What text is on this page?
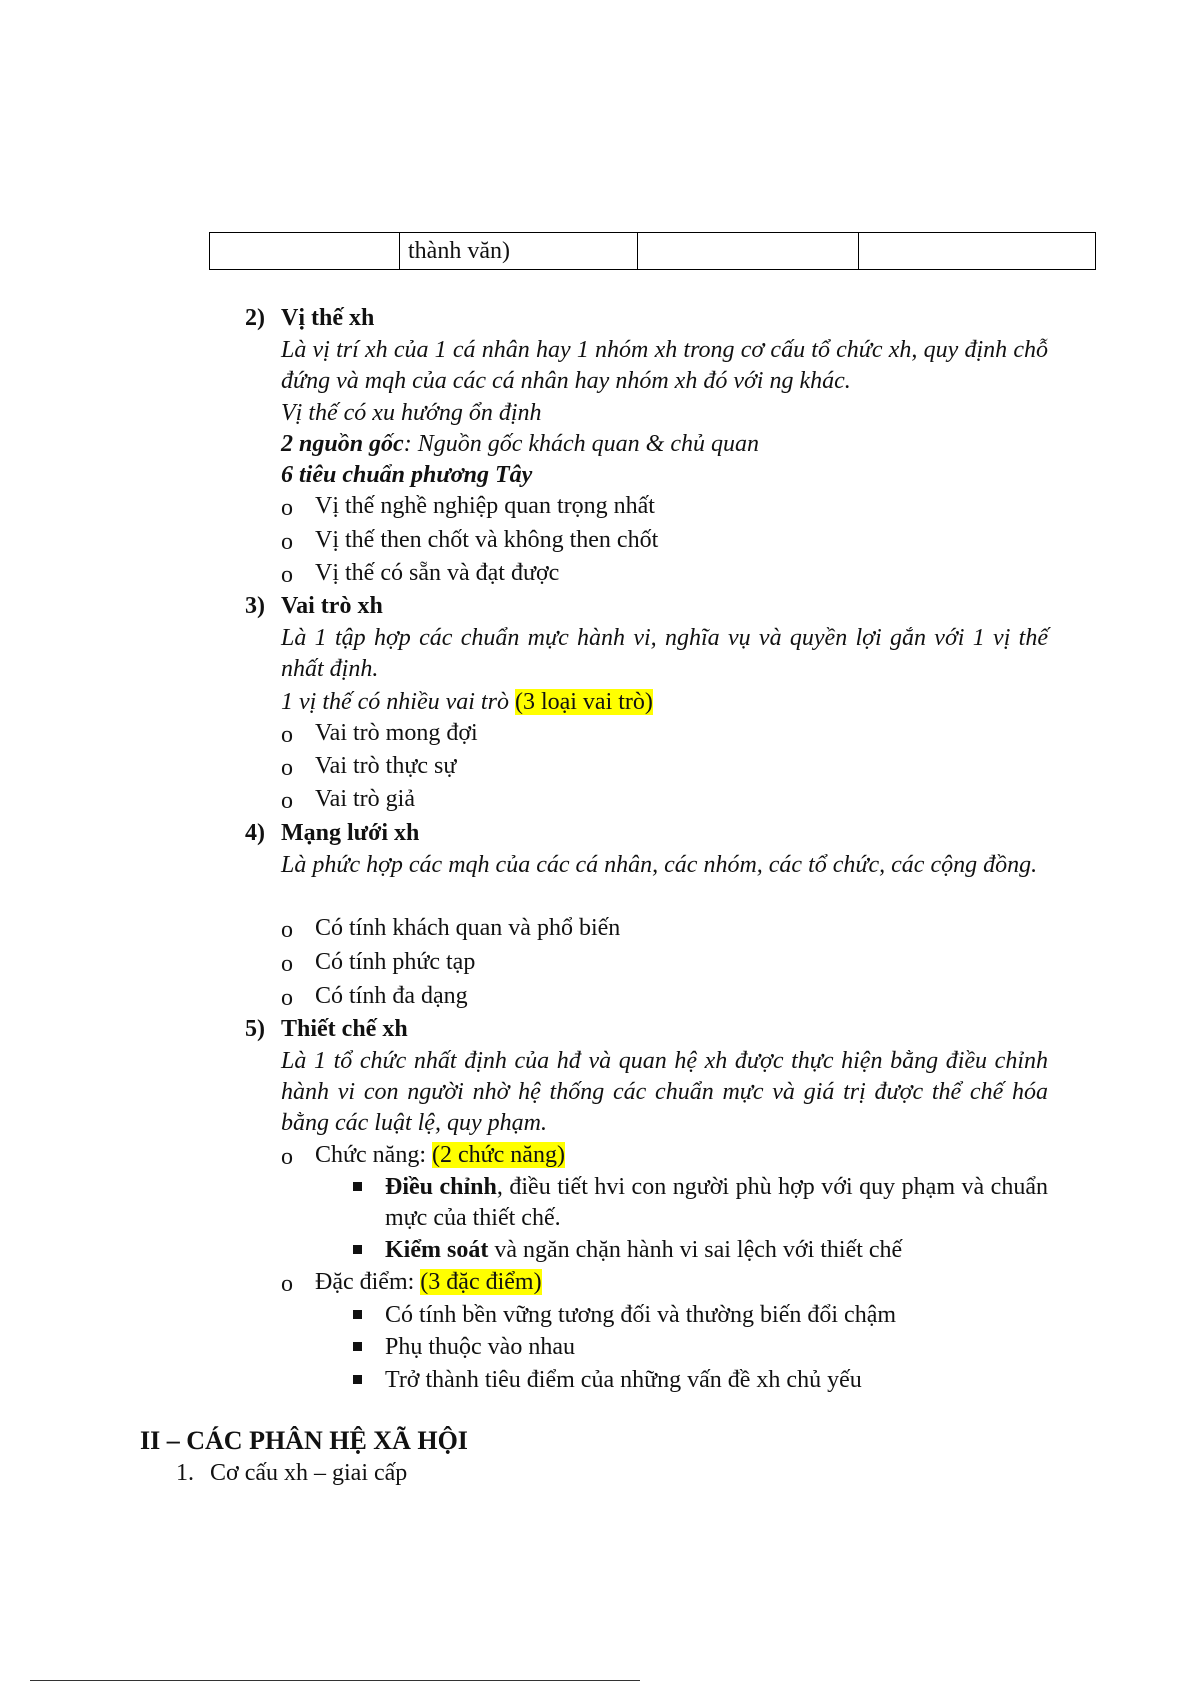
	thành văn)		
2) Vị thế xh
Là vị trí xh của 1 cá nhân hay 1 nhóm xh trong cơ cấu tổ chức xh, quy định chỗ đứng và mqh của các cá nhân hay nhóm xh đó với ng khác.
Vị thế có xu hướng ổn định
2 nguồn gốc: Nguồn gốc khách quan & chủ quan
6 tiêu chuẩn phương Tây
o Vị thế nghề nghiệp quan trọng nhất
o Vị thế then chốt và không then chốt
o Vị thế có sẵn và đạt được
3) Vai trò xh
Là 1 tập hợp các chuẩn mực hành vi, nghĩa vụ và quyền lợi gắn với 1 vị thế nhất định.
1 vị thế có nhiều vai trò (3 loại vai trò)
o Vai trò mong đợi
o Vai trò thực sự
o Vai trò giả
4) Mạng lưới xh
Là phức hợp các mqh của các cá nhân, các nhóm, các tổ chức, các cộng đồng.
o Có tính khách quan và phổ biến
o Có tính phức tạp
o Có tính đa dạng
5) Thiết chế xh
Là 1 tổ chức nhất định của hđ và quan hệ xh được thực hiện bằng điều chỉnh hành vi con người nhờ hệ thống các chuẩn mực và giá trị được thể chế hóa bằng các luật lệ, quy phạm.
o Chức năng: (2 chức năng)
Điều chỉnh, điều tiết hvi con người phù hợp với quy phạm và chuẩn mực của thiết chế.
Kiểm soát và ngăn chặn hành vi sai lệch với thiết chế
o Đặc điểm: (3 đặc điểm)
Có tính bền vững tương đối và thường biến đổi chậm
Phụ thuộc vào nhau
Trở thành tiêu điểm của những vấn đề xh chủ yếu
II – CÁC PHÂN HỆ XÃ HỘI
1. Cơ cấu xh – giai cấp
